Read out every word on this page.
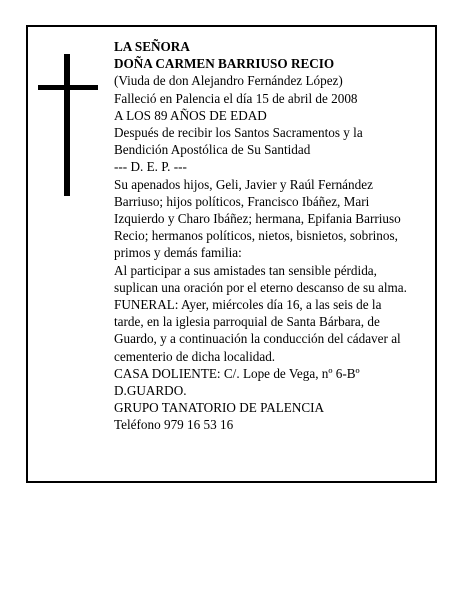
LA SEÑORA
DOÑA CARMEN BARRIUSO RECIO
(Viuda de don Alejandro Fernández López)
Falleció en Palencia el día 15 de abril de 2008
A LOS 89 AÑOS DE EDAD
Después de recibir los Santos Sacramentos y la
Bendición Apostólica de Su Santidad
--- D. E. P. ---
Su apenados hijos, Geli, Javier y Raúl Fernández
Barriuso; hijos políticos, Francisco Ibáñez, Mari
Izquierdo y Charo Ibáñez; hermana, Epifania Barriuso
Recio; hermanos políticos, nietos, bisnietos, sobrinos,
primos y demás familia:
Al participar a sus amistades tan sensible pérdida,
suplican una oración por el eterno descanso de su alma.
FUNERAL: Ayer, miércoles día 16, a las seis de la
tarde, en la iglesia parroquial de Santa Bárbara, de
Guardo, y a continuación la conducción del cádaver al
cementerio de dicha localidad.
CASA DOLIENTE: C/. Lope de Vega, nº 6-Bº
D.GUARDO.
GRUPO TANATORIO DE PALENCIA
Teléfono 979 16 53 16
